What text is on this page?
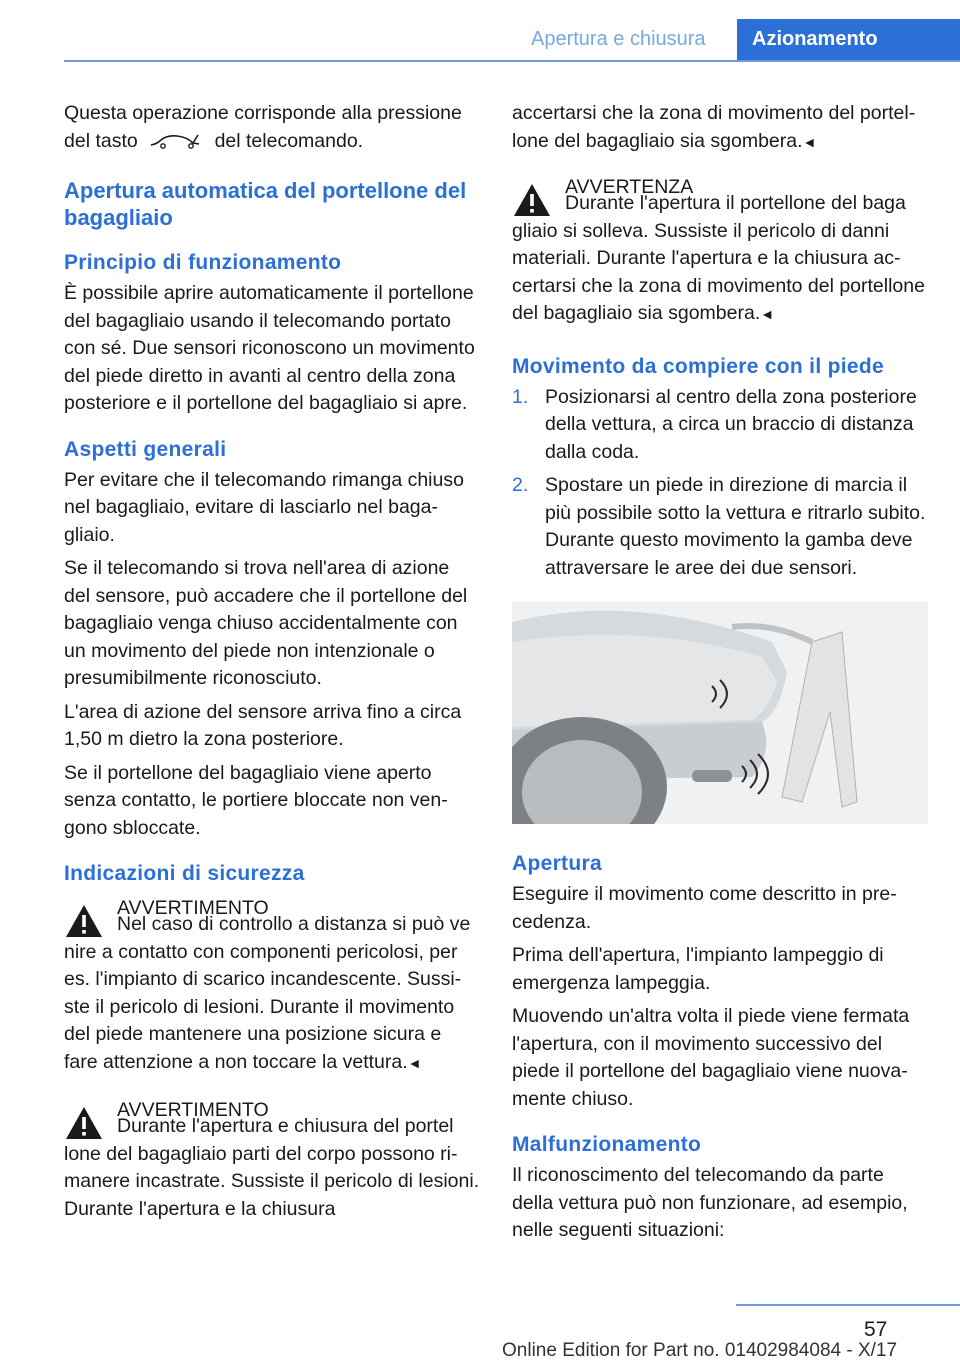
Apertura e chiusura	Azionamento

Questa operazione corrisponde alla pressione del tasto	del telecomando.

Apertura automatica del portellone del bagagliaio
Principio di funzionamento

È possibile aprire automaticamente il portellone del bagagliaio usando il telecomando portato con sé. Due sensori riconoscono un movimento del piede diretto in avanti al centro della zona posteriore e il portellone del bagagliaio si apre.

Aspetti generali

Per evitare che il telecomando rimanga chiuso nel bagagliaio, evitare di lasciarlo nel bagagliaio.

Se il telecomando si trova nell'area di azione del sensore, può accadere che il portellone del bagagliaio venga chiuso accidentalmente con un movimento del piede non intenzionale o presumibilmente riconosciuto.

L'area di azione del sensore arriva fino a circa 1,50 m dietro la zona posteriore.

Se il portellone del bagagliaio viene aperto senza contatto, le portiere bloccate non vengono sbloccate.

Indicazioni di sicurezza
AVVERTIMENTO
Nel caso di controllo a distanza si può ve
nire a contatto con componenti pericolosi, per es. l'impianto di scarico incandescente. Sussiste il pericolo di lesioni. Durante il movimento del piede mantenere una posizione sicura e fare attenzione a non toccare la vettura.◄
AVVERTIMENTO
Durante l'apertura e chiusura del portel
lone del bagagliaio parti del corpo possono rimanere incastrate. Sussiste il pericolo di lesioni. Durante l'apertura e la chiusura

accertarsi che la zona di movimento del portellone del bagagliaio sia sgombera.◄

AVVERTENZA
Durante l'apertura il portellone del baga
gliaio si solleva. Sussiste il pericolo di danni materiali. Durante l'apertura e la chiusura accertarsi che la zona di movimento del portellone del bagagliaio sia sgombera.◄
Movimento da compiere con il piede
1. Posizionarsi al centro della zona posteriore della vettura, a circa un braccio di distanza dalla coda.
2. Spostare un piede in direzione di marcia il più possibile sotto la vettura e ritrarlo subito. Durante questo movimento la gamba deve attraversare le aree dei due sensori.
Apertura

Eseguire il movimento come descritto in precedenza.

Prima dell'apertura, l'impianto lampeggio di emergenza lampeggia.

Muovendo un'altra volta il piede viene fermata l'apertura, con il movimento successivo del piede il portellone del bagagliaio viene nuovamente chiuso.

Malfunzionamento

Il riconoscimento del telecomando da parte della vettura può non funzionare, ad esempio, nelle seguenti situazioni:

57
Online Edition for Part no. 01402984084 - X/17
